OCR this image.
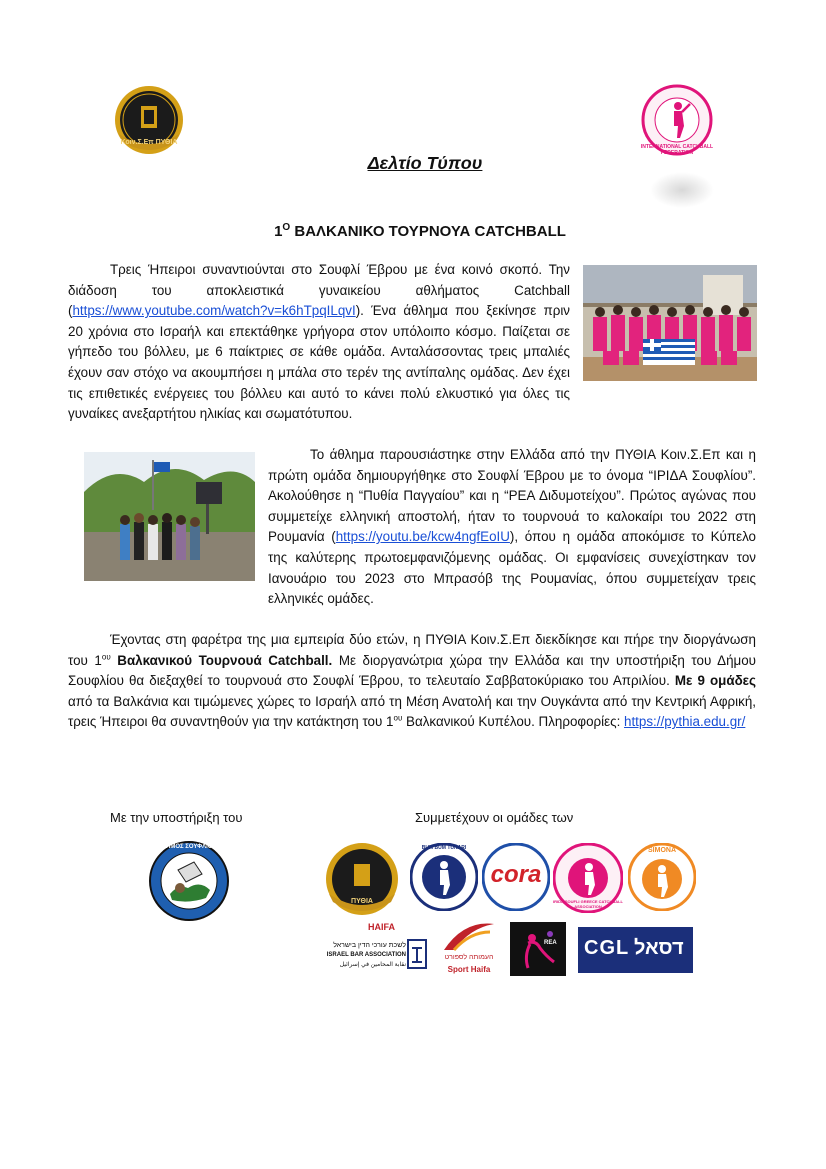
Κοιν.Σ.Επ ΠΥΘΙΑ
INTERNATIONAL CATCHBALL FEDERATION
Δελτίο Τύπου
$1^O$ ΒΑΛΚΑΝΙΚΟ ΤΟΥΡΝΟΥΑ CATCHBALL

Τρεις Ήπειροι συναντιούνται στο Σουφλί Έβρου με ένα κοινό σκοπό. Την διάδοση του αποκλειστικά γυναικείου αθλήματος Catchball (https://www.youtube.com/watch?v=k6hTpqILqvI). Ένα άθλημα που ξεκίνησε πριν 20 χρόνια στο Ισραήλ και επεκτάθηκε γρήγορα στον υπόλοιπο κόσμο. Παίζεται σε γήπεδο του βόλλευ, με 6 παίκτριες σε κάθε ομάδα. Ανταλάσσοντας τρεις μπαλιές έχουν σαν στόχο να ακουμπήσει η μπάλα στο τερέν της αντίπαλης ομάδας. Δεν έχει τις επιθετικές ενέργειες του βόλλευ και αυτό το κάνει πολύ ελκυστικό για όλες τις γυναίκες ανεξαρτήτου ηλικίας και σωματότυπου.

Το άθλημα παρουσιάστηκε στην Ελλάδα από την ΠΥΘΙΑ Κοιν.Σ.Επ και η πρώτη ομάδα δημιουργήθηκε στο Σουφλί Έβρου με το όνομα “ΙΡΙΔΑ Σουφλίου”. Ακολούθησε η “Πυθία Παγγαίου” και η “ΡΕΑ Διδυμοτείχου”. Πρώτος αγώνας που συμμετείχε ελληνική αποστολή, ήταν το τουρνουά το καλοκαίρι του 2022 στη Ρουμανία (https://youtu.be/kcw4ngfEoIU), όπου η ομάδα αποκόμισε το Κύπελο της καλύτερης πρωτοεμφανιζόμενης ομάδας. Οι εμφανίσεις συνεχίστηκαν τον Ιανουάριο του 2023 στο Μπρασόβ της Ρουμανίας, όπου συμμετείχαν τρεις ελληνικές ομάδες.

Έχοντας στη φαρέτρα της μια εμπειρία δύο ετών, η ΠΥΘΙΑ Κοιν.Σ.Επ διεκδίκησε και πήρε την διοργάνωση του $1^{o\upsilon}$ Βαλκανικού Τουρνουά Catchball. Με διοργανώτρια χώρα την Ελλάδα και την υποστήριξη του Δήμου Σουφλίου θα διεξαχθεί το τουρνουά στο Σουφλί Έβρου, το τελευταίο Σαββατοκύριακο του Απριλίου. Με 9 ομάδες από τα Βαλκάνια και τιμώμενες χώρες το Ισραήλ από τη Μέση Ανατολή και την Ουγκάντα από την Κεντρική Αφρική, τρεις Ήπειροι θα συναντηθούν για την κατάκτηση του $1^{o\upsilon}$ Βαλκανικού Κυπέλου. Πληροφορίες: https://pythia.edu.gr/

Με την υποστήριξη του	Συμμετέχουν οι ομάδες των
ΔΗΜΟΣ ΣΟΥΦΛΙΟΥ
ΠΥΘΙΑ
BUM BUM TUNARI
cora
IRIDA SOUFLI GREECE CATCHBALL ASSOCIATION
SIMONA
HAIFA
לשכת עורכי הדין בישראל
ISRAEL BAR ASSOCIATION
نقابة المحامين في إسرائيل
העמותה לספורט
Sport Haifa
REA CGL דסאל
